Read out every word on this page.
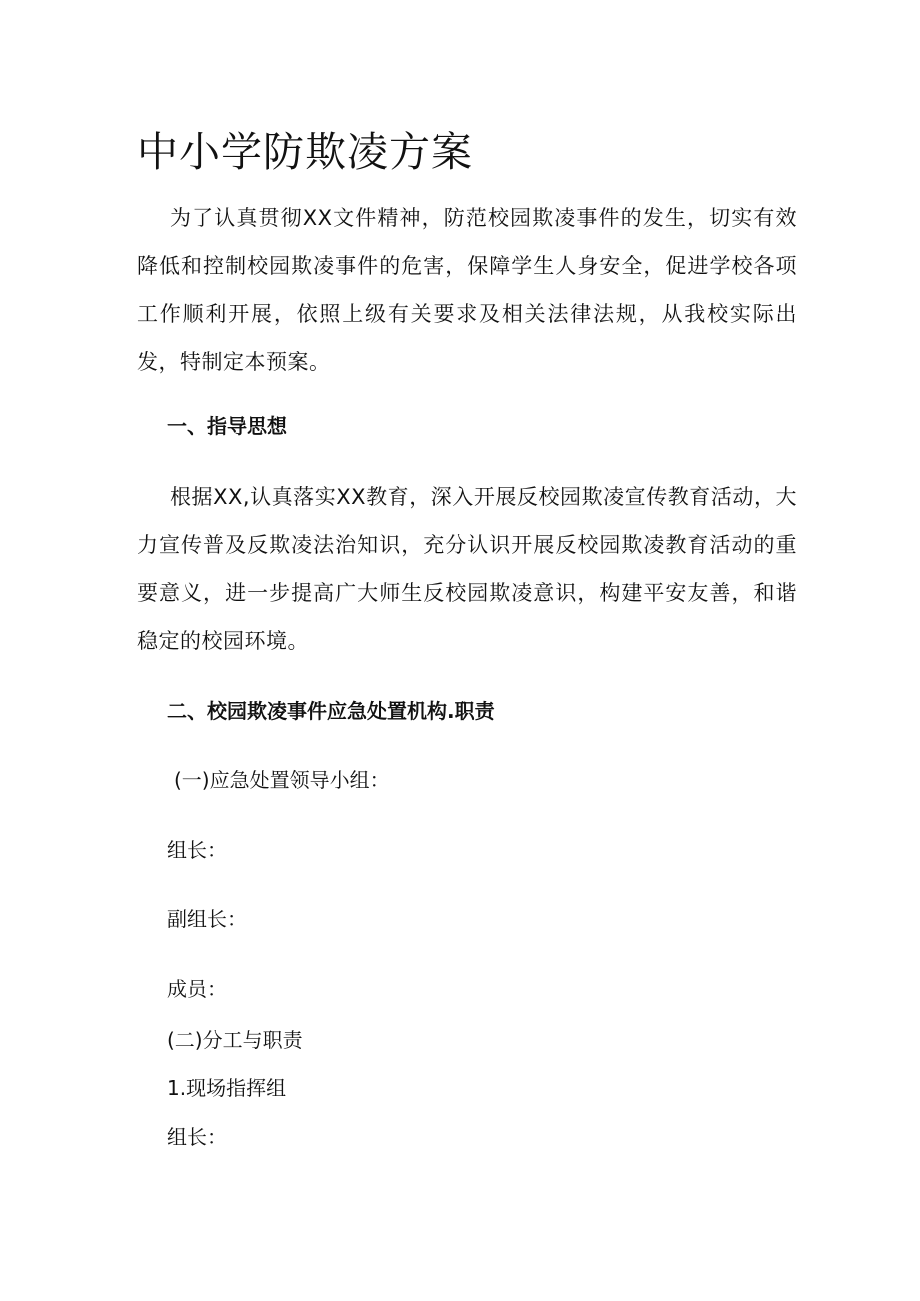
中小学防欺凌方案
为了认真贯彻XX文件精神，防范校园欺凌事件的发生，切实有效降低和控制校园欺凌事件的危害，保障学生人身安全，促进学校各项工作顺利开展，依照上级有关要求及相关法律法规，从我校实际出发，特制定本预案。
一、指导思想
根据XX,认真落实XX教育，深入开展反校园欺凌宣传教育活动，大力宣传普及反欺凌法治知识，充分认识开展反校园欺凌教育活动的重要意义，进一步提高广大师生反校园欺凌意识，构建平安友善，和谐稳定的校园环境。
二、校园欺凌事件应急处置机构.职责
(一)应急处置领导小组：
组长：
副组长：
成员：
(二)分工与职责
1.现场指挥组
组长：
